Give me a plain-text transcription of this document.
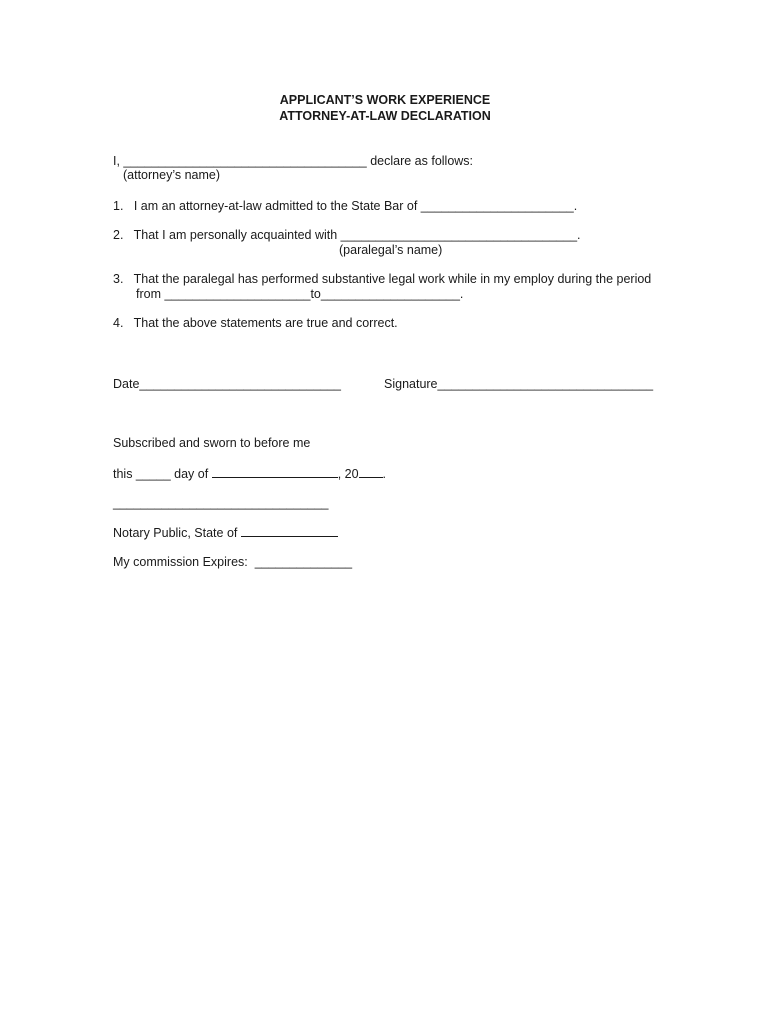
APPLICANT’S WORK EXPERIENCE
ATTORNEY-AT-LAW DECLARATION
I, ___________________________________ declare as follows:
(attorney’s name)
1.   I am an attorney-at-law admitted to the State Bar of ______________________.
2.   That I am personally acquainted with __________________________________.
(paralegal’s name)
3.   That the paralegal has performed substantive legal work while in my employ during the period
from _____________________to____________________.
4.   That the above statements are true and correct.
Date_____________________________	Signature_______________________________
Subscribed and sworn to before me
this _____ day of	, 20 .
_______________________________
Notary Public, State of
My commission Expires:  ______________
